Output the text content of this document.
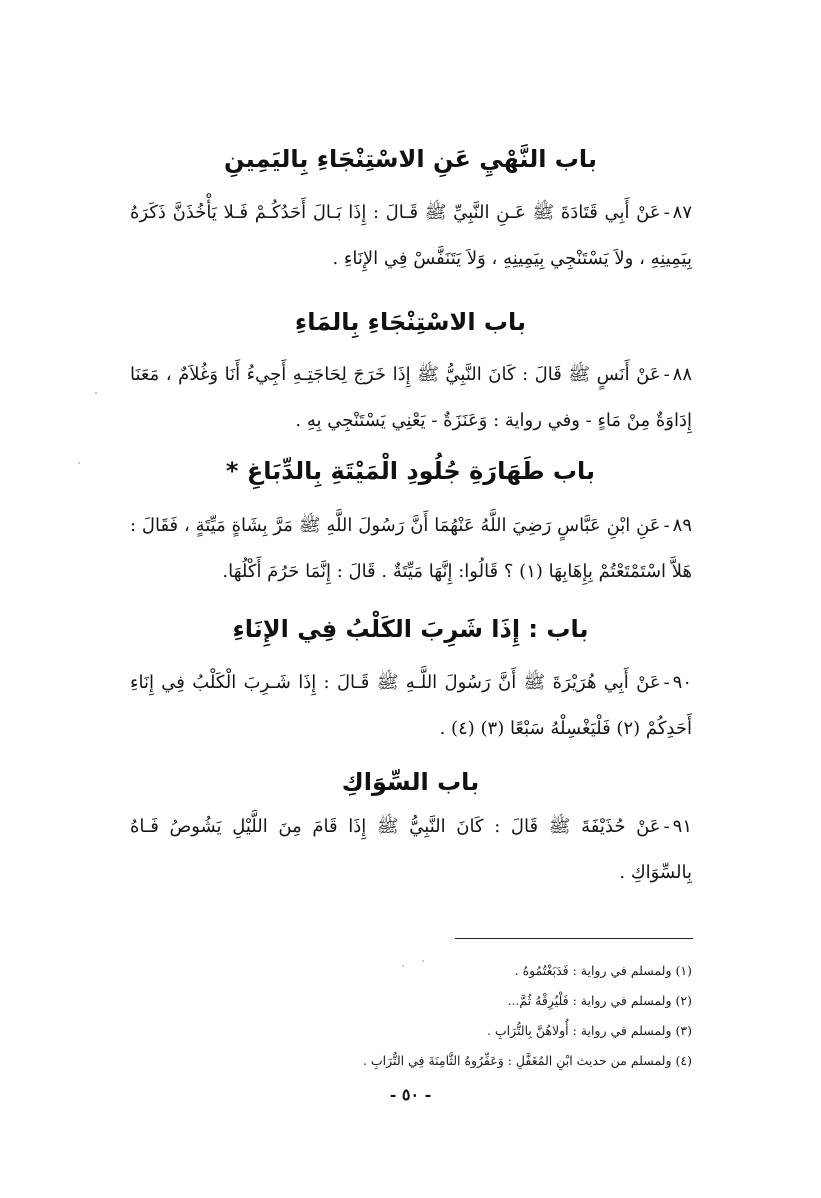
باب النَّهْيِ عَنِ الاسْتِنْجَاءِ بِاليَمِينِ
٨٧-عَنْ أَبِي قَتَادَةَ ﷺ عَـنِ النَّبِيِّ ﷺ قَـالَ : إِذَا بَـالَ أَحَدُكُـمْ فَـلا يَأْخُذَنَّ ذَكَرَهُ بِيَمِينِهِ ، ولاَ يَسْتَنْجِي بِيَمِينِهِ ، وَلاَ يَتَنَفَّسْ فِي الإِنَاءِ .
باب الاسْتِنْجَاءِ بِالمَاءِ
٨٨-عَنْ أَنَسٍ ﷺ قَالَ : كَانَ النَّبِيُّ ﷺ إِذَا خَرَجَ لِحَاجَتِـهِ أَجِيءُ أَنَا وَغُلاَمٌ ، مَعَنَا إِدَاوَةٌ مِنْ مَاءٍ - وفي رواية : وَعَنَزَةٌ - يَعْنِي يَسْتَنْجِي بِهِ .
باب طَهَارَةِ جُلُودِ الْمَيْتَةِ بِالدِّبَاغِ *
٨٩-عَنِ ابْنِ عَبَّاسٍ رَضِيَ اللَّهُ عَنْهُمَا أَنَّ رَسُولَ اللَّهِ ﷺ مَرَّ بِشَاةٍ مَيِّتَةٍ ، فَقَالَ : هَلاَّ اسْتَمْتَعْتُمْ بِإِهَابِهَا (١) ؟ قَالُوا: إِنَّهَا مَيِّتَةٌ . قَالَ : إِنَّمَا حَرُمَ أَكْلُهَا.
باب : إِذَا شَرِبَ الكَلْبُ فِي الإِنَاءِ
٩٠-عَنْ أَبِي هُرَيْرَةَ ﷺ أَنَّ رَسُولَ اللَّـهِ ﷺ قَـالَ : إِذَا شَـرِبَ الْكَلْبُ فِي إِنَاءِ أَحَدِكُمْ (٢) فَلْيَغْسِلْهُ سَبْعًا (٣) (٤) .
باب السِّوَاكِ
٩١-عَنْ حُذَيْفَةَ ﷺ قَالَ : كَانَ النَّبِيُّ ﷺ إِذَا قَامَ مِنَ اللَّيْلِ يَشُوصُ فَـاهُ بِالسِّوَاكِ .
(١) ولمسلم في رواية : فَدَبَغْتُمُوهُ .
(٢) ولمسلم في رواية : فَلْيُرِقْهُ ثُمَّ...
(٣) ولمسلم في رواية : أُولاهُنَّ بِالتُّرَابِ .
(٤) ولمسلم من حديث ابْنِ المُغَفَّلِ : وَعَفِّرُوهُ الثَّامِنَةَ فِي التُّرَابِ .
- ٥٠ -
